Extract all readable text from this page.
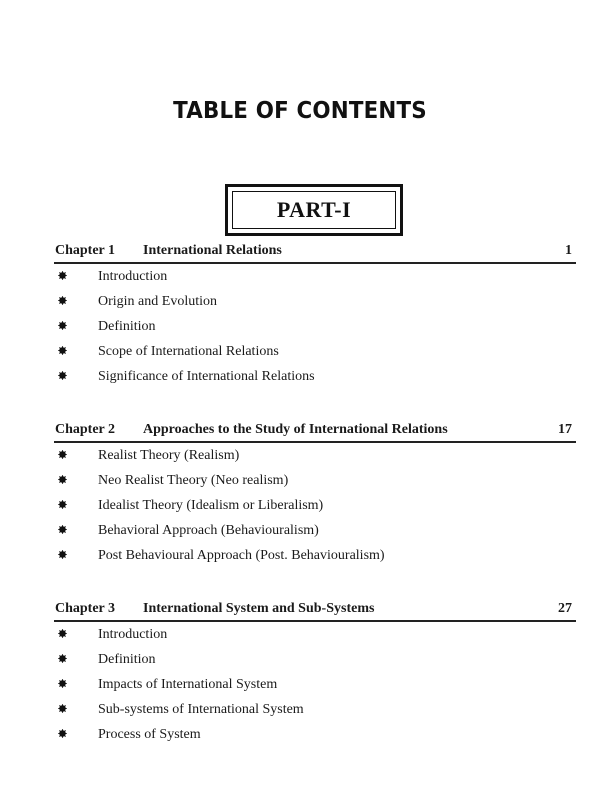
TABLE OF CONTENTS
PART-I
Chapter 1 International Relations	1
Introduction
Origin and Evolution
Definition
Scope of International Relations
Significance of International Relations
Chapter 2 Approaches to the Study of International Relations	17
Realist Theory (Realism)
Neo Realist Theory (Neo realism)
Idealist Theory (Idealism or Liberalism)
Behavioral Approach (Behaviouralism)
Post Behavioural Approach (Post. Behaviouralism)
Chapter 3 International System and Sub-Systems	27
Introduction
Definition
Impacts of International System
Sub-systems of International System
Process of System
